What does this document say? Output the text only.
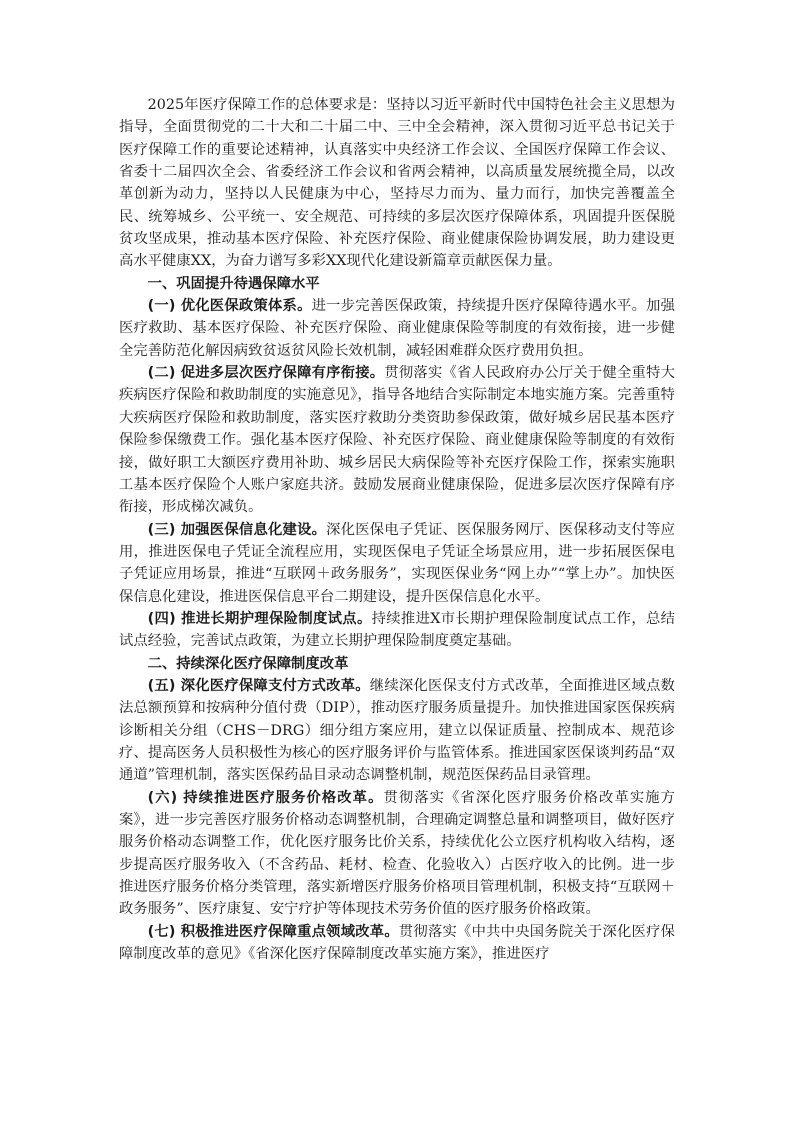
2025年医疗保障工作的总体要求是：坚持以习近平新时代中国特色社会主义思想为指导，全面贯彻党的二十大和二十届二中、三中全会精神，深入贯彻习近平总书记关于医疗保障工作的重要论述精神，认真落实中央经济工作会议、全国医疗保障工作会议、省委十二届四次全会、省委经济工作会议和省两会精神，以高质量发展统揽全局，以改革创新为动力，坚持以人民健康为中心，坚持尽力而为、量力而行，加快完善覆盖全民、统筹城乡、公平统一、安全规范、可持续的多层次医疗保障体系，巩固提升医保脱贫攻坚成果，推动基本医疗保险、补充医疗保险、商业健康保险协调发展，助力建设更高水平健康XX，为奋力谱写多彩XX现代化建设新篇章贡献医保力量。

一、巩固提升待遇保障水平

(一) 优化医保政策体系。进一步完善医保政策，持续提升医疗保障待遇水平。加强医疗救助、基本医疗保险、补充医疗保险、商业健康保险等制度的有效衔接，进一步健全完善防范化解因病致贫返贫风险长效机制，减轻困难群众医疗费用负担。

(二) 促进多层次医疗保障有序衔接。贯彻落实《省人民政府办公厅关于健全重特大疾病医疗保险和救助制度的实施意见》，指导各地结合实际制定本地实施方案。完善重特大疾病医疗保险和救助制度，落实医疗救助分类资助参保政策，做好城乡居民基本医疗保险参保缴费工作。强化基本医疗保险、补充医疗保险、商业健康保险等制度的有效衔接，做好职工大额医疗费用补助、城乡居民大病保险等补充医疗保险工作，探索实施职工基本医疗保险个人账户家庭共济。鼓励发展商业健康保险，促进多层次医疗保障有序衔接，形成梯次减负。

(三) 加强医保信息化建设。深化医保电子凭证、医保服务网厅、医保移动支付等应用，推进医保电子凭证全流程应用，实现医保电子凭证全场景应用，进一步拓展医保电子凭证应用场景，推进“互联网＋政务服务”，实现医保业务“网上办”“掌上办”。加快医保信息化建设，推进医保信息平台二期建设，提升医保信息化水平。

(四) 推进长期护理保险制度试点。持续推进X市长期护理保险制度试点工作，总结试点经验，完善试点政策，为建立长期护理保险制度奠定基础。

二、持续深化医疗保障制度改革

(五) 深化医疗保障支付方式改革。继续深化医保支付方式改革，全面推进区域点数法总额预算和按病种分值付费（DIP），推动医疗服务质量提升。加快推进国家医保疾病诊断相关分组（CHS－DRG）细分组方案应用，建立以保证质量、控制成本、规范诊疗、提高医务人员积极性为核心的医疗服务评价与监管体系。推进国家医保谈判药品“双通道”管理机制，落实医保药品目录动态调整机制，规范医保药品目录管理。

(六) 持续推进医疗服务价格改革。贯彻落实《省深化医疗服务价格改革实施方案》，进一步完善医疗服务价格动态调整机制，合理确定调整总量和调整项目，做好医疗服务价格动态调整工作，优化医疗服务比价关系，持续优化公立医疗机构收入结构，逐步提高医疗服务收入（不含药品、耗材、检查、化验收入）占医疗收入的比例。进一步推进医疗服务价格分类管理，落实新增医疗服务价格项目管理机制，积极支持“互联网＋政务服务”、医疗康复、安宁疗护等体现技术劳务价值的医疗服务价格政策。

(七) 积极推进医疗保障重点领域改革。贯彻落实《中共中央国务院关于深化医疗保障制度改革的意见》《省深化医疗保障制度改革实施方案》，推进医疗
